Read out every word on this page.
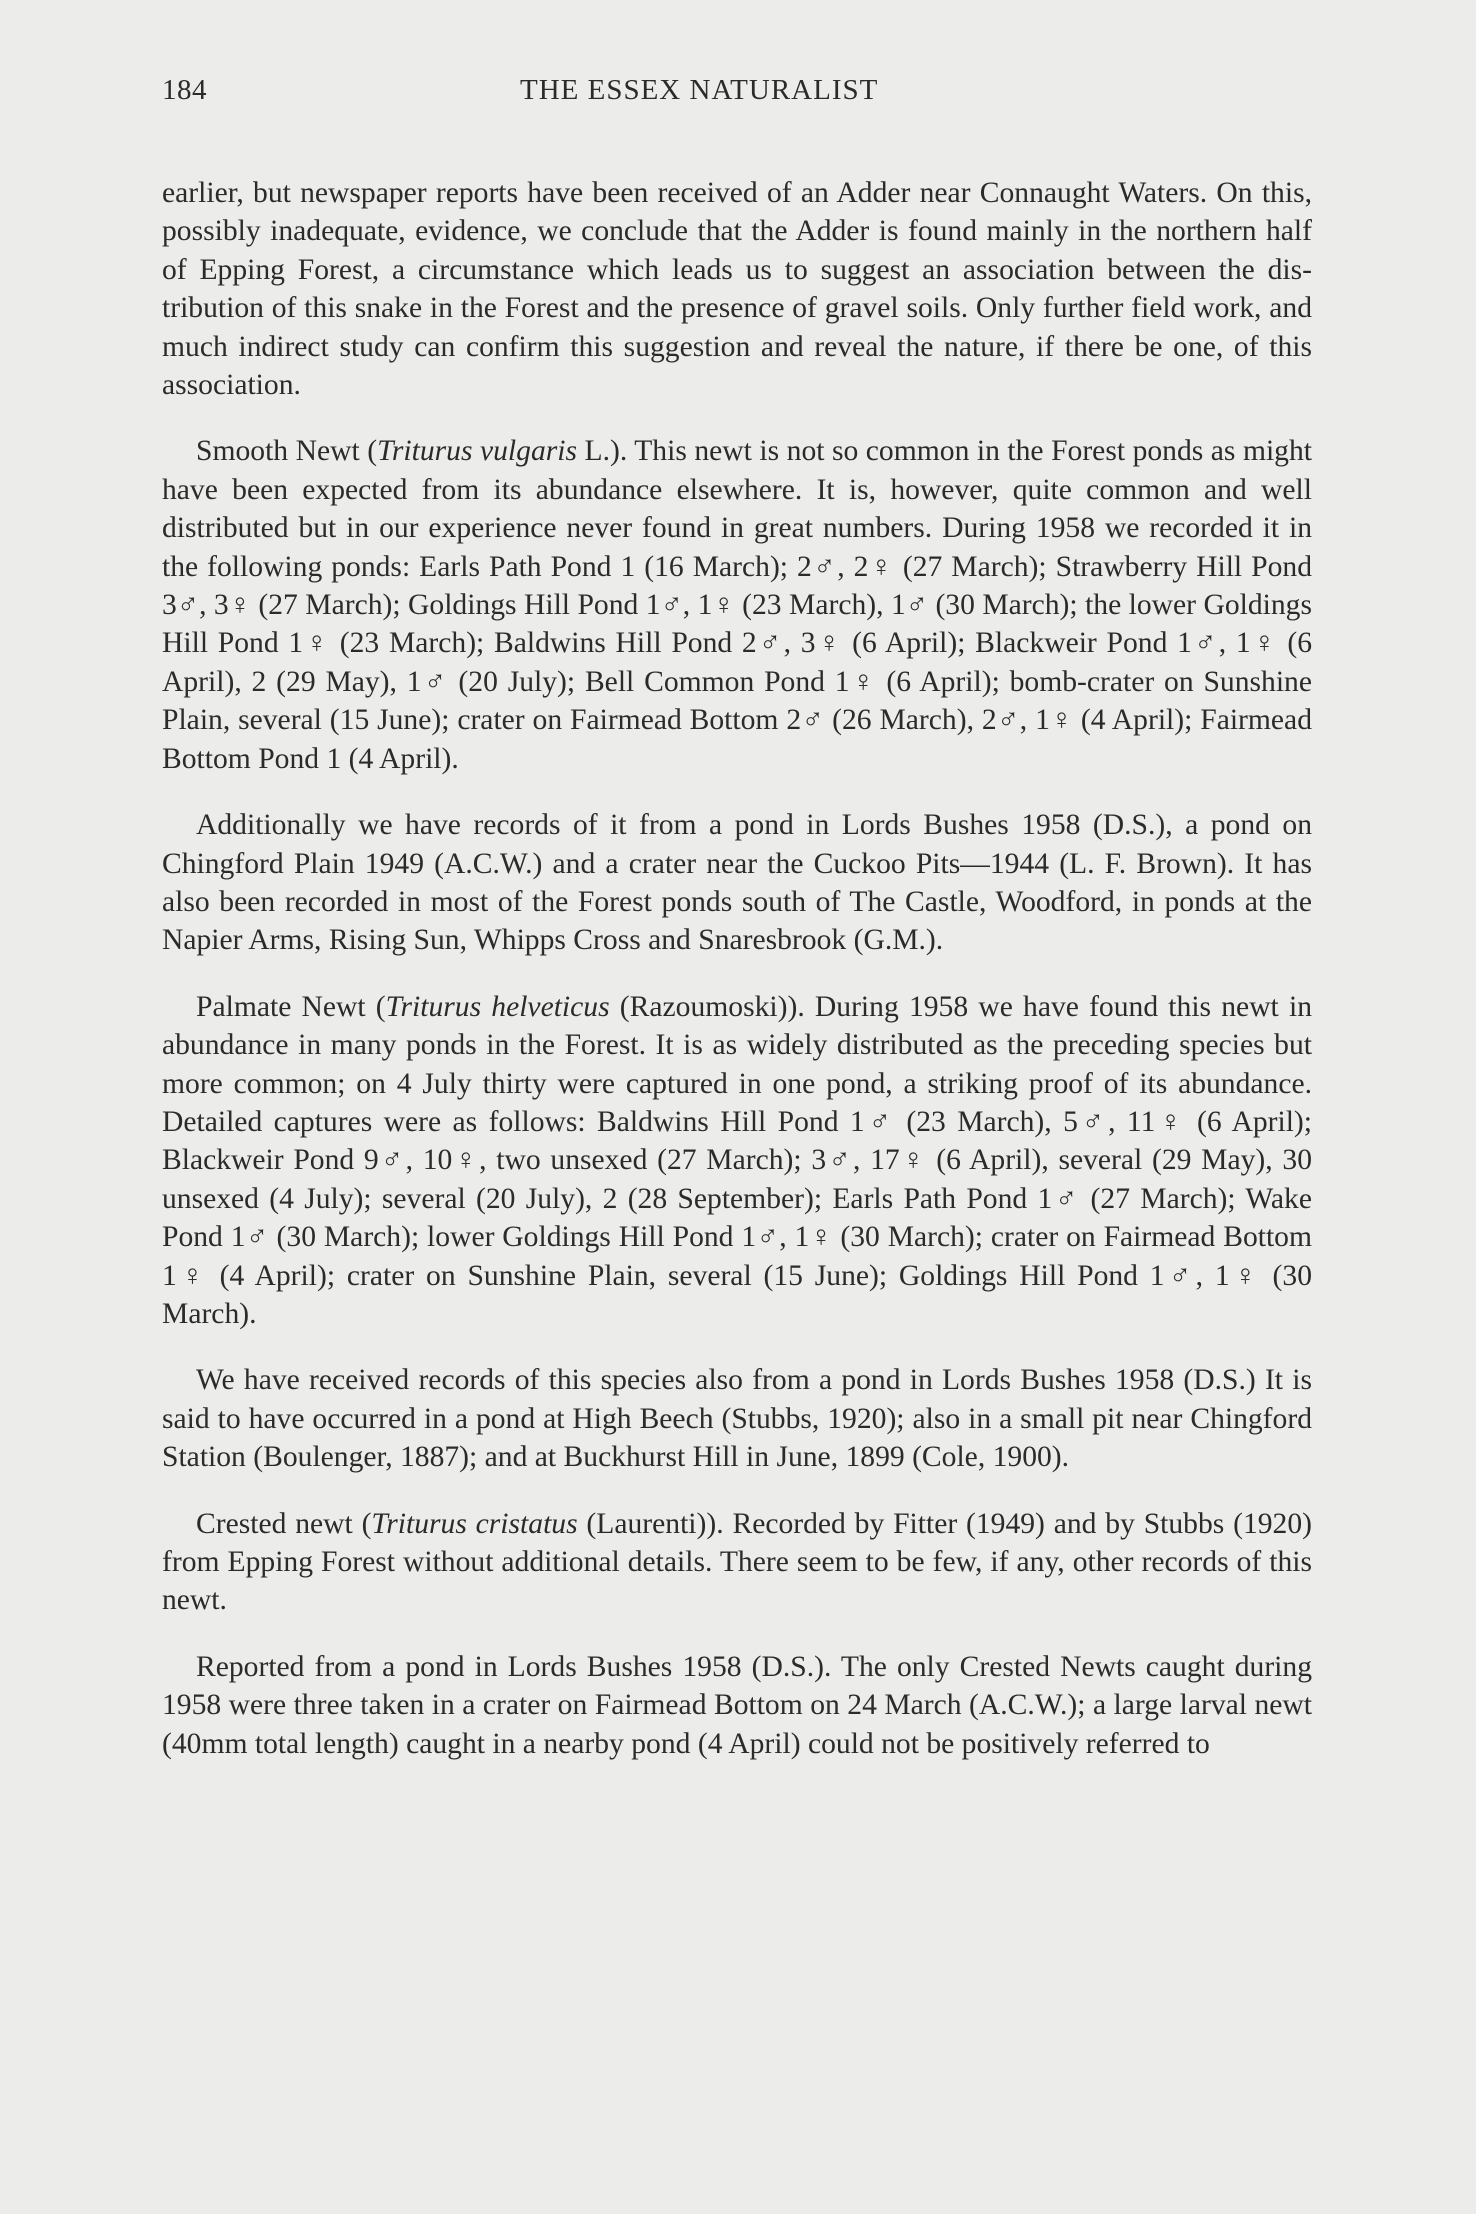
184	THE ESSEX NATURALIST

earlier, but newspaper reports have been received of an Adder near Connaught Waters. On this, possibly inadequate, evidence, we conclude that the Adder is found mainly in the northern half of Epping Forest, a circumstance which leads us to suggest an association between the distribution of this snake in the Forest and the presence of gravel soils. Only further field work, and much indirect study can confirm this suggestion and reveal the nature, if there be one, of this association.

Smooth Newt (Triturus vulgaris L.). This newt is not so common in the Forest ponds as might have been expected from its abundance elsewhere. It is, however, quite common and well distributed but in our experience never found in great numbers. During 1958 we recorded it in the following ponds: Earls Path Pond 1 (16 March); 2♂, 2♀ (27 March); Strawberry Hill Pond 3♂, 3♀ (27 March); Goldings Hill Pond 1♂, 1♀ (23 March), 1♂ (30 March); the lower Goldings Hill Pond 1♀ (23 March); Baldwins Hill Pond 2♂, 3♀ (6 April); Blackweir Pond 1♂, 1♀ (6 April), 2 (29 May), 1♂ (20 July); Bell Common Pond 1♀ (6 April); bomb-crater on Sunshine Plain, several (15 June); crater on Fairmead Bottom 2♂ (26 March), 2♂, 1♀ (4 April); Fairmead Bottom Pond 1 (4 April).

Additionally we have records of it from a pond in Lords Bushes 1958 (D.S.), a pond on Chingford Plain 1949 (A.C.W.) and a crater near the Cuckoo Pits—1944 (L. F. Brown). It has also been recorded in most of the Forest ponds south of The Castle, Woodford, in ponds at the Napier Arms, Rising Sun, Whipps Cross and Snaresbrook (G.M.).

Palmate Newt (Triturus helveticus (Razoumoski)). During 1958 we have found this newt in abundance in many ponds in the Forest. It is as widely distributed as the preceding species but more common; on 4 July thirty were captured in one pond, a striking proof of its abundance. Detailed captures were as follows: Baldwins Hill Pond 1♂ (23 March), 5♂, 11♀ (6 April); Blackweir Pond 9♂, 10♀, two unsexed (27 March); 3♂, 17♀ (6 April), several (29 May), 30 unsexed (4 July); several (20 July), 2 (28 September); Earls Path Pond 1♂ (27 March); Wake Pond 1♂ (30 March); lower Goldings Hill Pond 1♂, 1♀ (30 March); crater on Fairmead Bottom 1♀ (4 April); crater on Sunshine Plain, several (15 June); Goldings Hill Pond 1♂, 1♀ (30 March).

We have received records of this species also from a pond in Lords Bushes 1958 (D.S.) It is said to have occurred in a pond at High Beech (Stubbs, 1920); also in a small pit near Chingford Station (Boulenger, 1887); and at Buckhurst Hill in June, 1899 (Cole, 1900).

Crested newt (Triturus cristatus (Laurenti)). Recorded by Fitter (1949) and by Stubbs (1920) from Epping Forest without additional details. There seem to be few, if any, other records of this newt.

Reported from a pond in Lords Bushes 1958 (D.S.). The only Crested Newts caught during 1958 were three taken in a crater on Fairmead Bottom on 24 March (A.C.W.); a large larval newt (40mm total length) caught in a nearby pond (4 April) could not be positively referred to
